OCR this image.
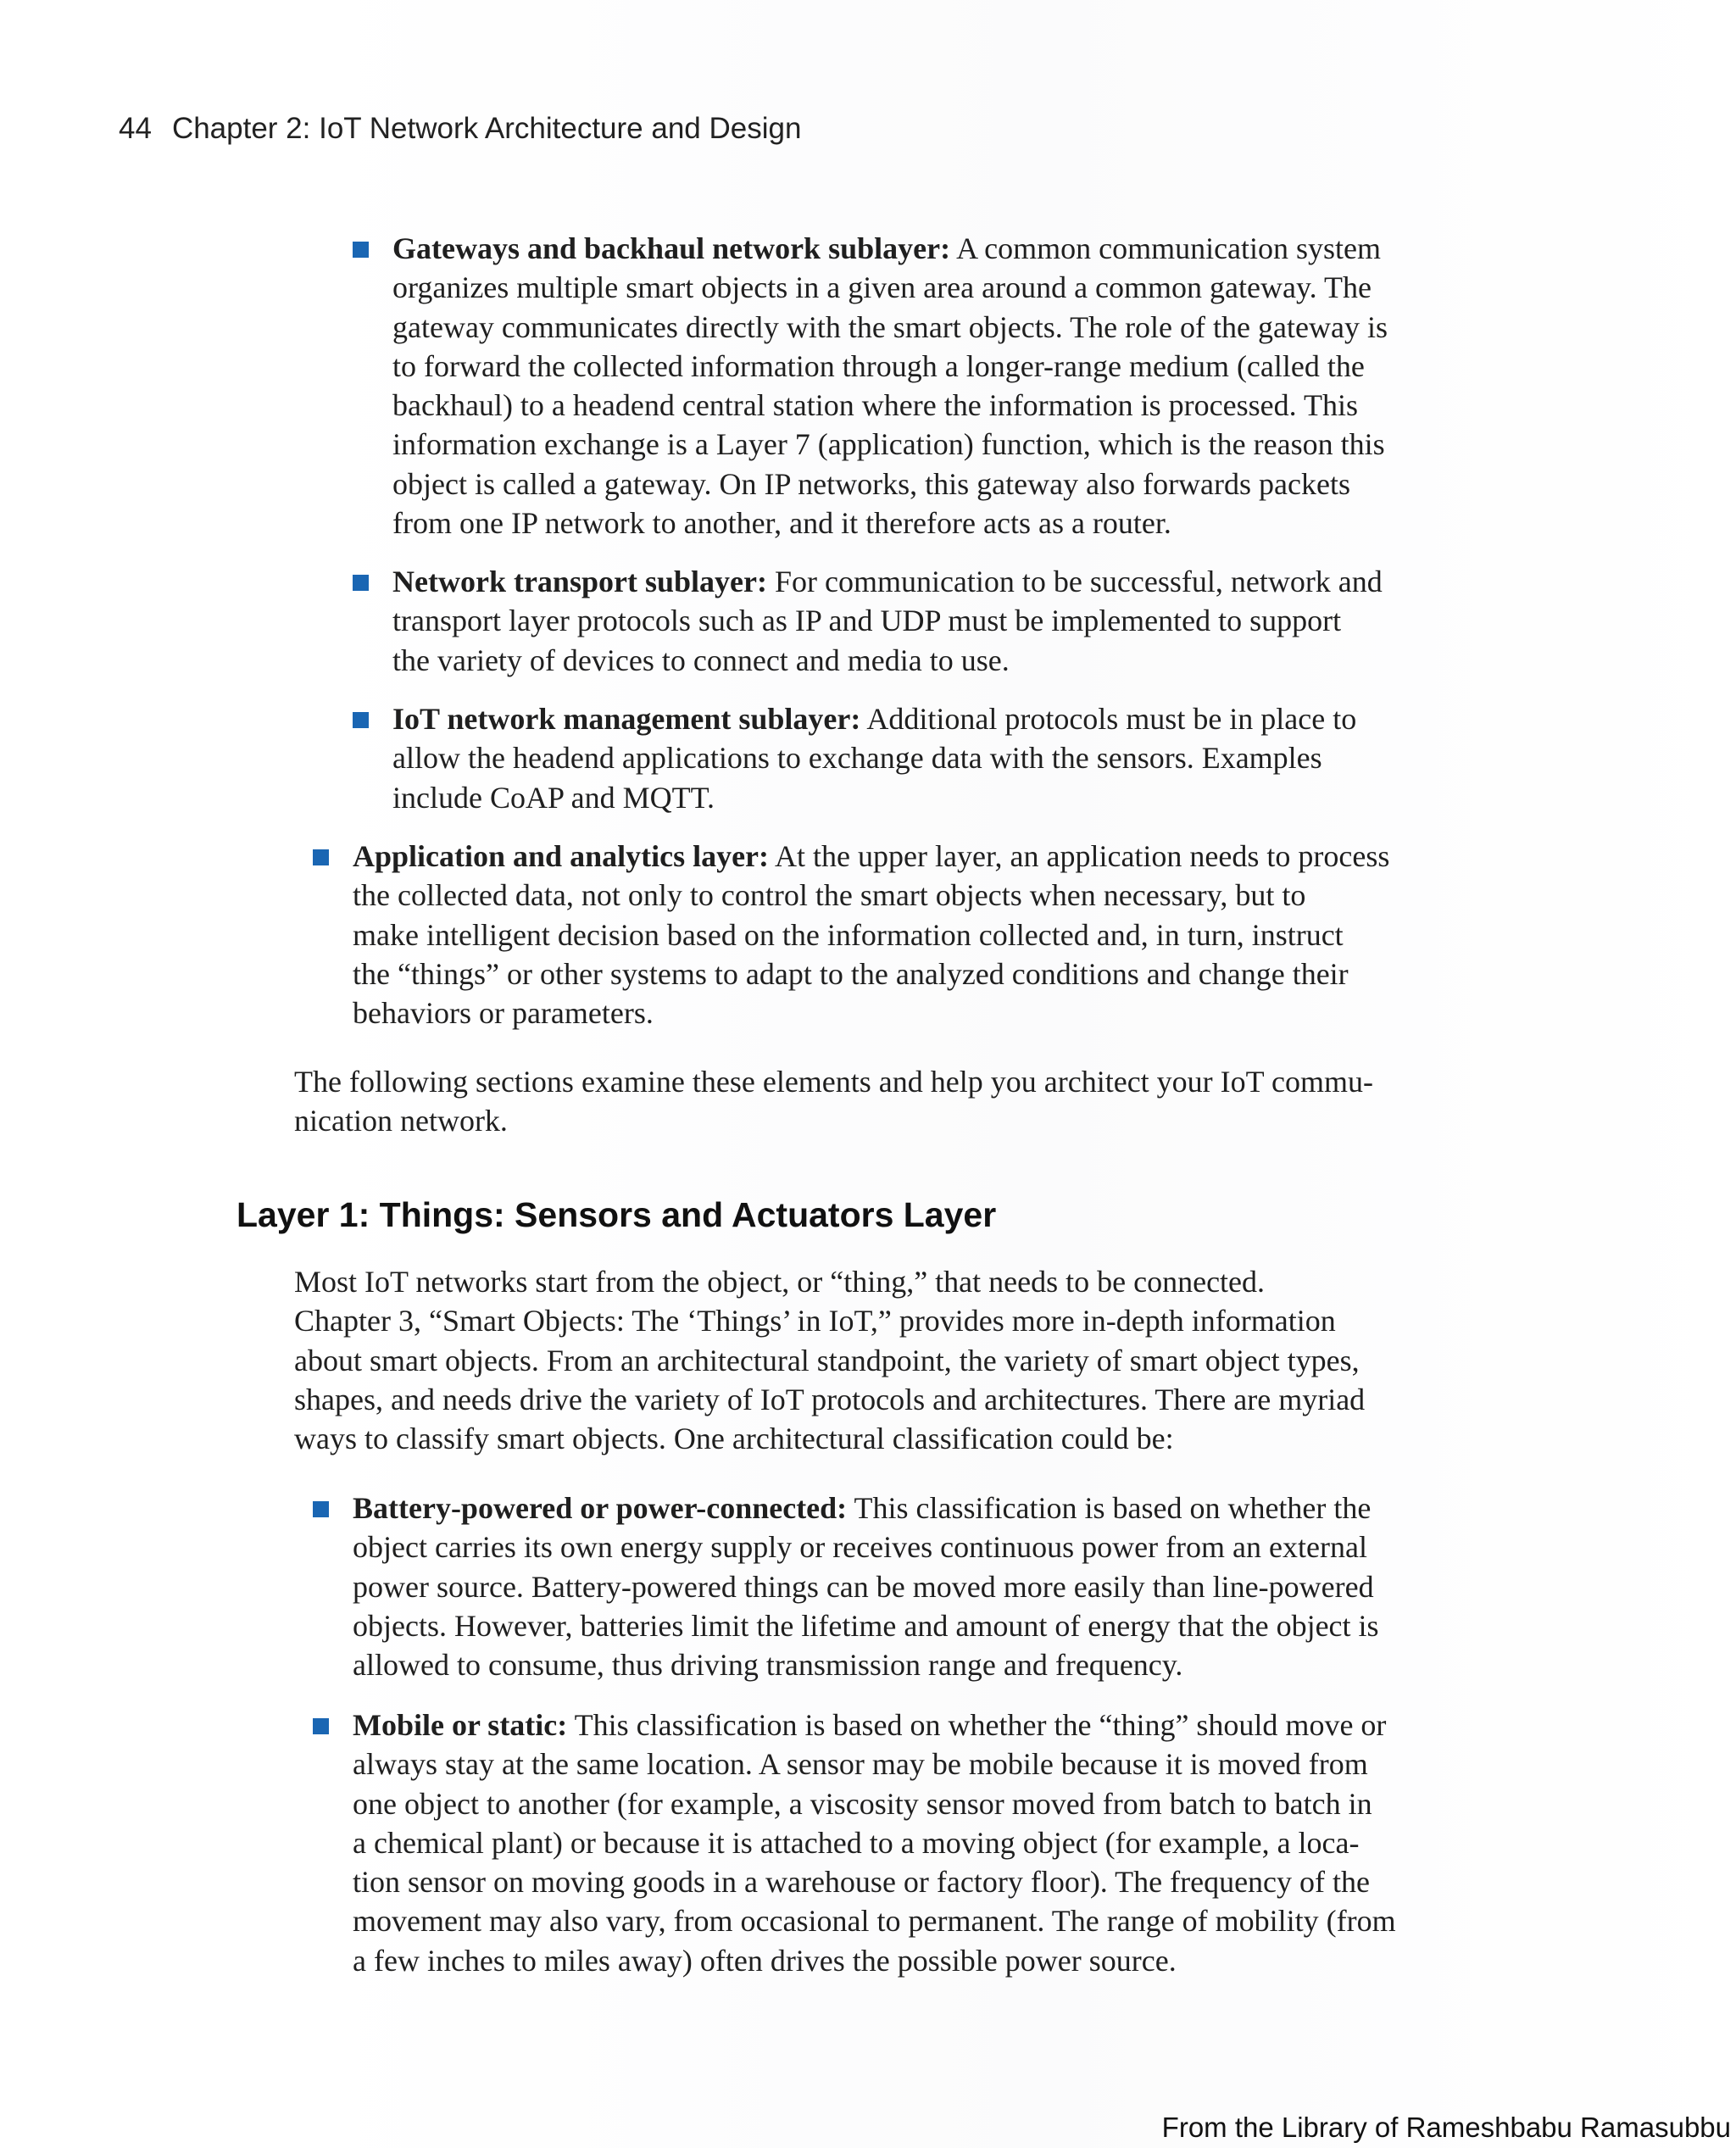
44 Chapter 2: IoT Network Architecture and Design
Gateways and backhaul network sublayer: A common communication system
organizes multiple smart objects in a given area around a common gateway. The
gateway communicates directly with the smart objects. The role of the gateway is
to forward the collected information through a longer-range medium (called the
backhaul) to a headend central station where the information is processed. This
information exchange is a Layer 7 (application) function, which is the reason this
object is called a gateway. On IP networks, this gateway also forwards packets
from one IP network to another, and it therefore acts as a router.
Network transport sublayer: For communication to be successful, network and
transport layer protocols such as IP and UDP must be implemented to support
the variety of devices to connect and media to use.
IoT network management sublayer: Additional protocols must be in place to
allow the headend applications to exchange data with the sensors. Examples
include CoAP and MQTT.
Application and analytics layer: At the upper layer, an application needs to process
the collected data, not only to control the smart objects when necessary, but to
make intelligent decision based on the information collected and, in turn, instruct
the “things” or other systems to adapt to the analyzed conditions and change their
behaviors or parameters.
The following sections examine these elements and help you architect your IoT commu-
nication network.
Layer 1: Things: Sensors and Actuators Layer
Most IoT networks start from the object, or “thing,” that needs to be connected.
Chapter 3, “Smart Objects: The ‘Things’ in IoT,” provides more in-depth information
about smart objects. From an architectural standpoint, the variety of smart object types,
shapes, and needs drive the variety of IoT protocols and architectures. There are myriad
ways to classify smart objects. One architectural classification could be:
Battery-powered or power-connected: This classification is based on whether the
object carries its own energy supply or receives continuous power from an external
power source. Battery-powered things can be moved more easily than line-powered
objects. However, batteries limit the lifetime and amount of energy that the object is
allowed to consume, thus driving transmission range and frequency.
Mobile or static: This classification is based on whether the “thing” should move or
always stay at the same location. A sensor may be mobile because it is moved from
one object to another (for example, a viscosity sensor moved from batch to batch in
a chemical plant) or because it is attached to a moving object (for example, a loca-
tion sensor on moving goods in a warehouse or factory floor). The frequency of the
movement may also vary, from occasional to permanent. The range of mobility (from
a few inches to miles away) often drives the possible power source.
From the Library of Rameshbabu Ramasubbu
